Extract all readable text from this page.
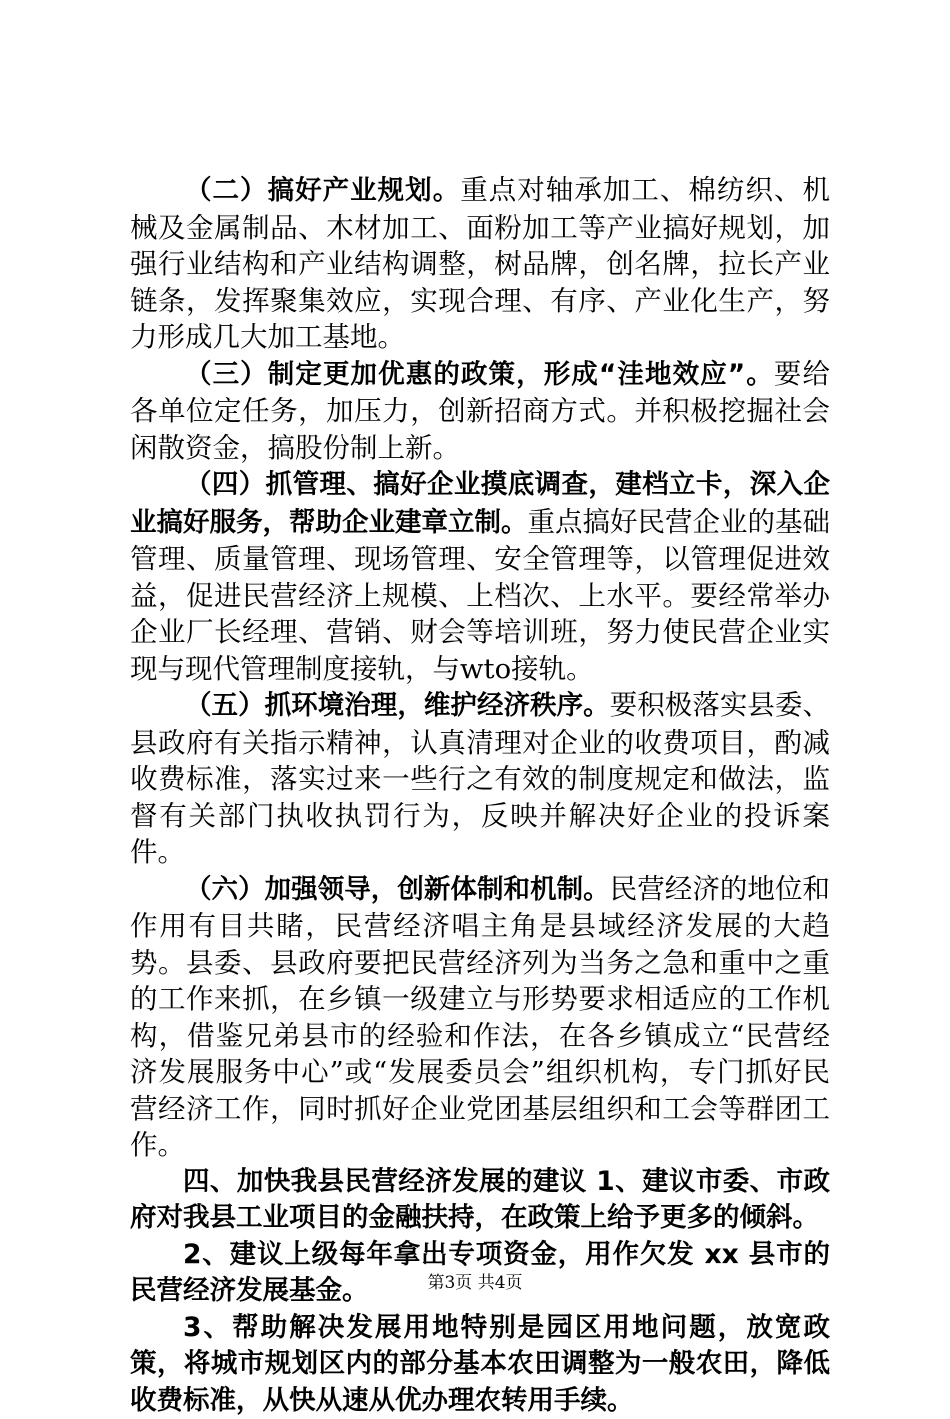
（二）搞好产业规划。重点对轴承加工、棉纺织、机械及金属制品、木材加工、面粉加工等产业搞好规划，加强行业结构和产业结构调整，树品牌，创名牌，拉长产业链条，发挥聚集效应，实现合理、有序、产业化生产，努力形成几大加工基地。

（三）制定更加优惠的政策，形成“洼地效应”。要给各单位定任务，加压力，创新招商方式。并积极挖掘社会闲散资金，搞股份制上新。

（四）抓管理、搞好企业摸底调查，建档立卡，深入企业搞好服务，帮助企业建章立制。重点搞好民营企业的基础管理、质量管理、现场管理、安全管理等，以管理促进效益，促进民营经济上规模、上档次、上水平。要经常举办企业厂长经理、营销、财会等培训班，努力使民营企业实现与现代管理制度接轨，与wto接轨。

（五）抓环境治理，维护经济秩序。要积极落实县委、县政府有关指示精神，认真清理对企业的收费项目，酌减收费标准，落实过来一些行之有效的制度规定和做法，监督有关部门执收执罚行为，反映并解决好企业的投诉案件。

（六）加强领导，创新体制和机制。民营经济的地位和作用有目共睹，民营经济唱主角是县域经济发展的大趋势。县委、县政府要把民营经济列为当务之急和重中之重的工作来抓，在乡镇一级建立与形势要求相适应的工作机构，借鉴兄弟县市的经验和作法，在各乡镇成立“民营经济发展服务中心”或“发展委员会”组织机构，专门抓好民营经济工作，同时抓好企业党团基层组织和工会等群团工作。

四、加快我县民营经济发展的建议 1、建议市委、市政府对我县工业项目的金融扶持，在政策上给予更多的倾斜。

2、建议上级每年拿出专项资金，用作欠发 xx 县市的民营经济发展基金。

3、帮助解决发展用地特别是园区用地问题，放宽政策，将城市规划区内的部分基本农田调整为一般农田，降低收费标准，从快从速从优办理农转用手续。

第3页 共4页
